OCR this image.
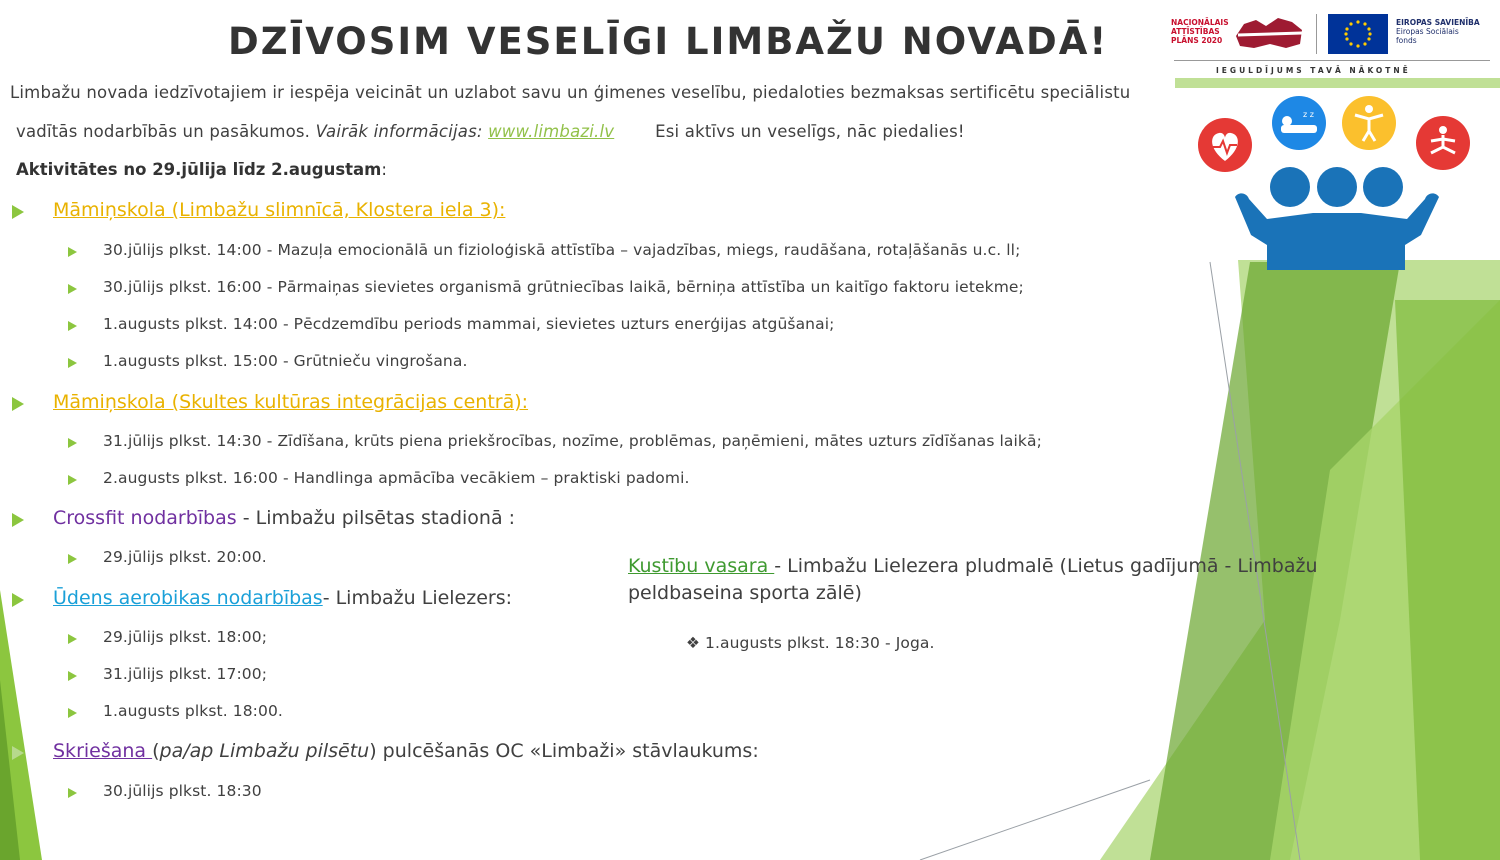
DZĪVOSIM VESELĪGI LIMBAŽU NOVADĀ!
Limbažu novada iedzīvotajiem ir iespēja veicināt un uzlabot savu un ģimenes veselību, piedaloties bezmaksas sertificētu speciālistu
vadītās nodarbībās un pasākumos. Vairāk informācijas: www.limbazi.lv Esi aktīvs un veselīgs, nāc piedalies!
Aktivitātes no 29.jūlija līdz 2.augustam:
Māmiņskola (Limbažu slimnīcā, Klostera iela 3):
30.jūlijs plkst. 14:00 - Mazuļa emocionālā un fizioloģiskā attīstība – vajadzības, miegs, raudāšana, rotaļāšanās u.c. ll;
30.jūlijs plkst. 16:00 - Pārmaiņas sievietes organismā grūtniecības laikā, bērniņa attīstība un kaitīgo faktoru ietekme;
1.augusts plkst. 14:00 - Pēcdzemdību periods mammai, sievietes uzturs enerģijas atgūšanai;
1.augusts plkst. 15:00 - Grūtnieču vingrošana.
Māmiņskola (Skultes kultūras integrācijas centrā):
31.jūlijs plkst. 14:30 - Zīdīšana, krūts piena priekšrocības, nozīme, problēmas, paņēmieni, mātes uzturs zīdīšanas laikā;
2.augusts plkst. 16:00 - Handlinga apmācība vecākiem – praktiski padomi.
Crossfit nodarbības - Limbažu pilsētas stadionā :
29.jūlijs plkst. 20:00.
Ūdens aerobikas nodarbības- Limbažu Lielezers:
29.jūlijs plkst. 18:00;
31.jūlijs plkst. 17:00;
1.augusts plkst. 18:00.
Skriešana (pa/ap Limbažu pilsētu) pulcēšanās OC «Limbaži» stāvlaukums:
30.jūlijs plkst. 18:30
Kustību vasara - Limbažu Lielezera pludmalē (Lietus gadījumā - Limbažu
peldbaseina sporta zālē)
❖ 1.augusts plkst. 18:30 - Joga.
NACIONĀLAIS
ATTĪSTĪBAS
PLĀNS 2020
EIROPAS SAVIENĪBA
Eiropas Sociālais
fonds
IEGULDĪJUMS TAVĀ NĀKOTNĒ
z z
